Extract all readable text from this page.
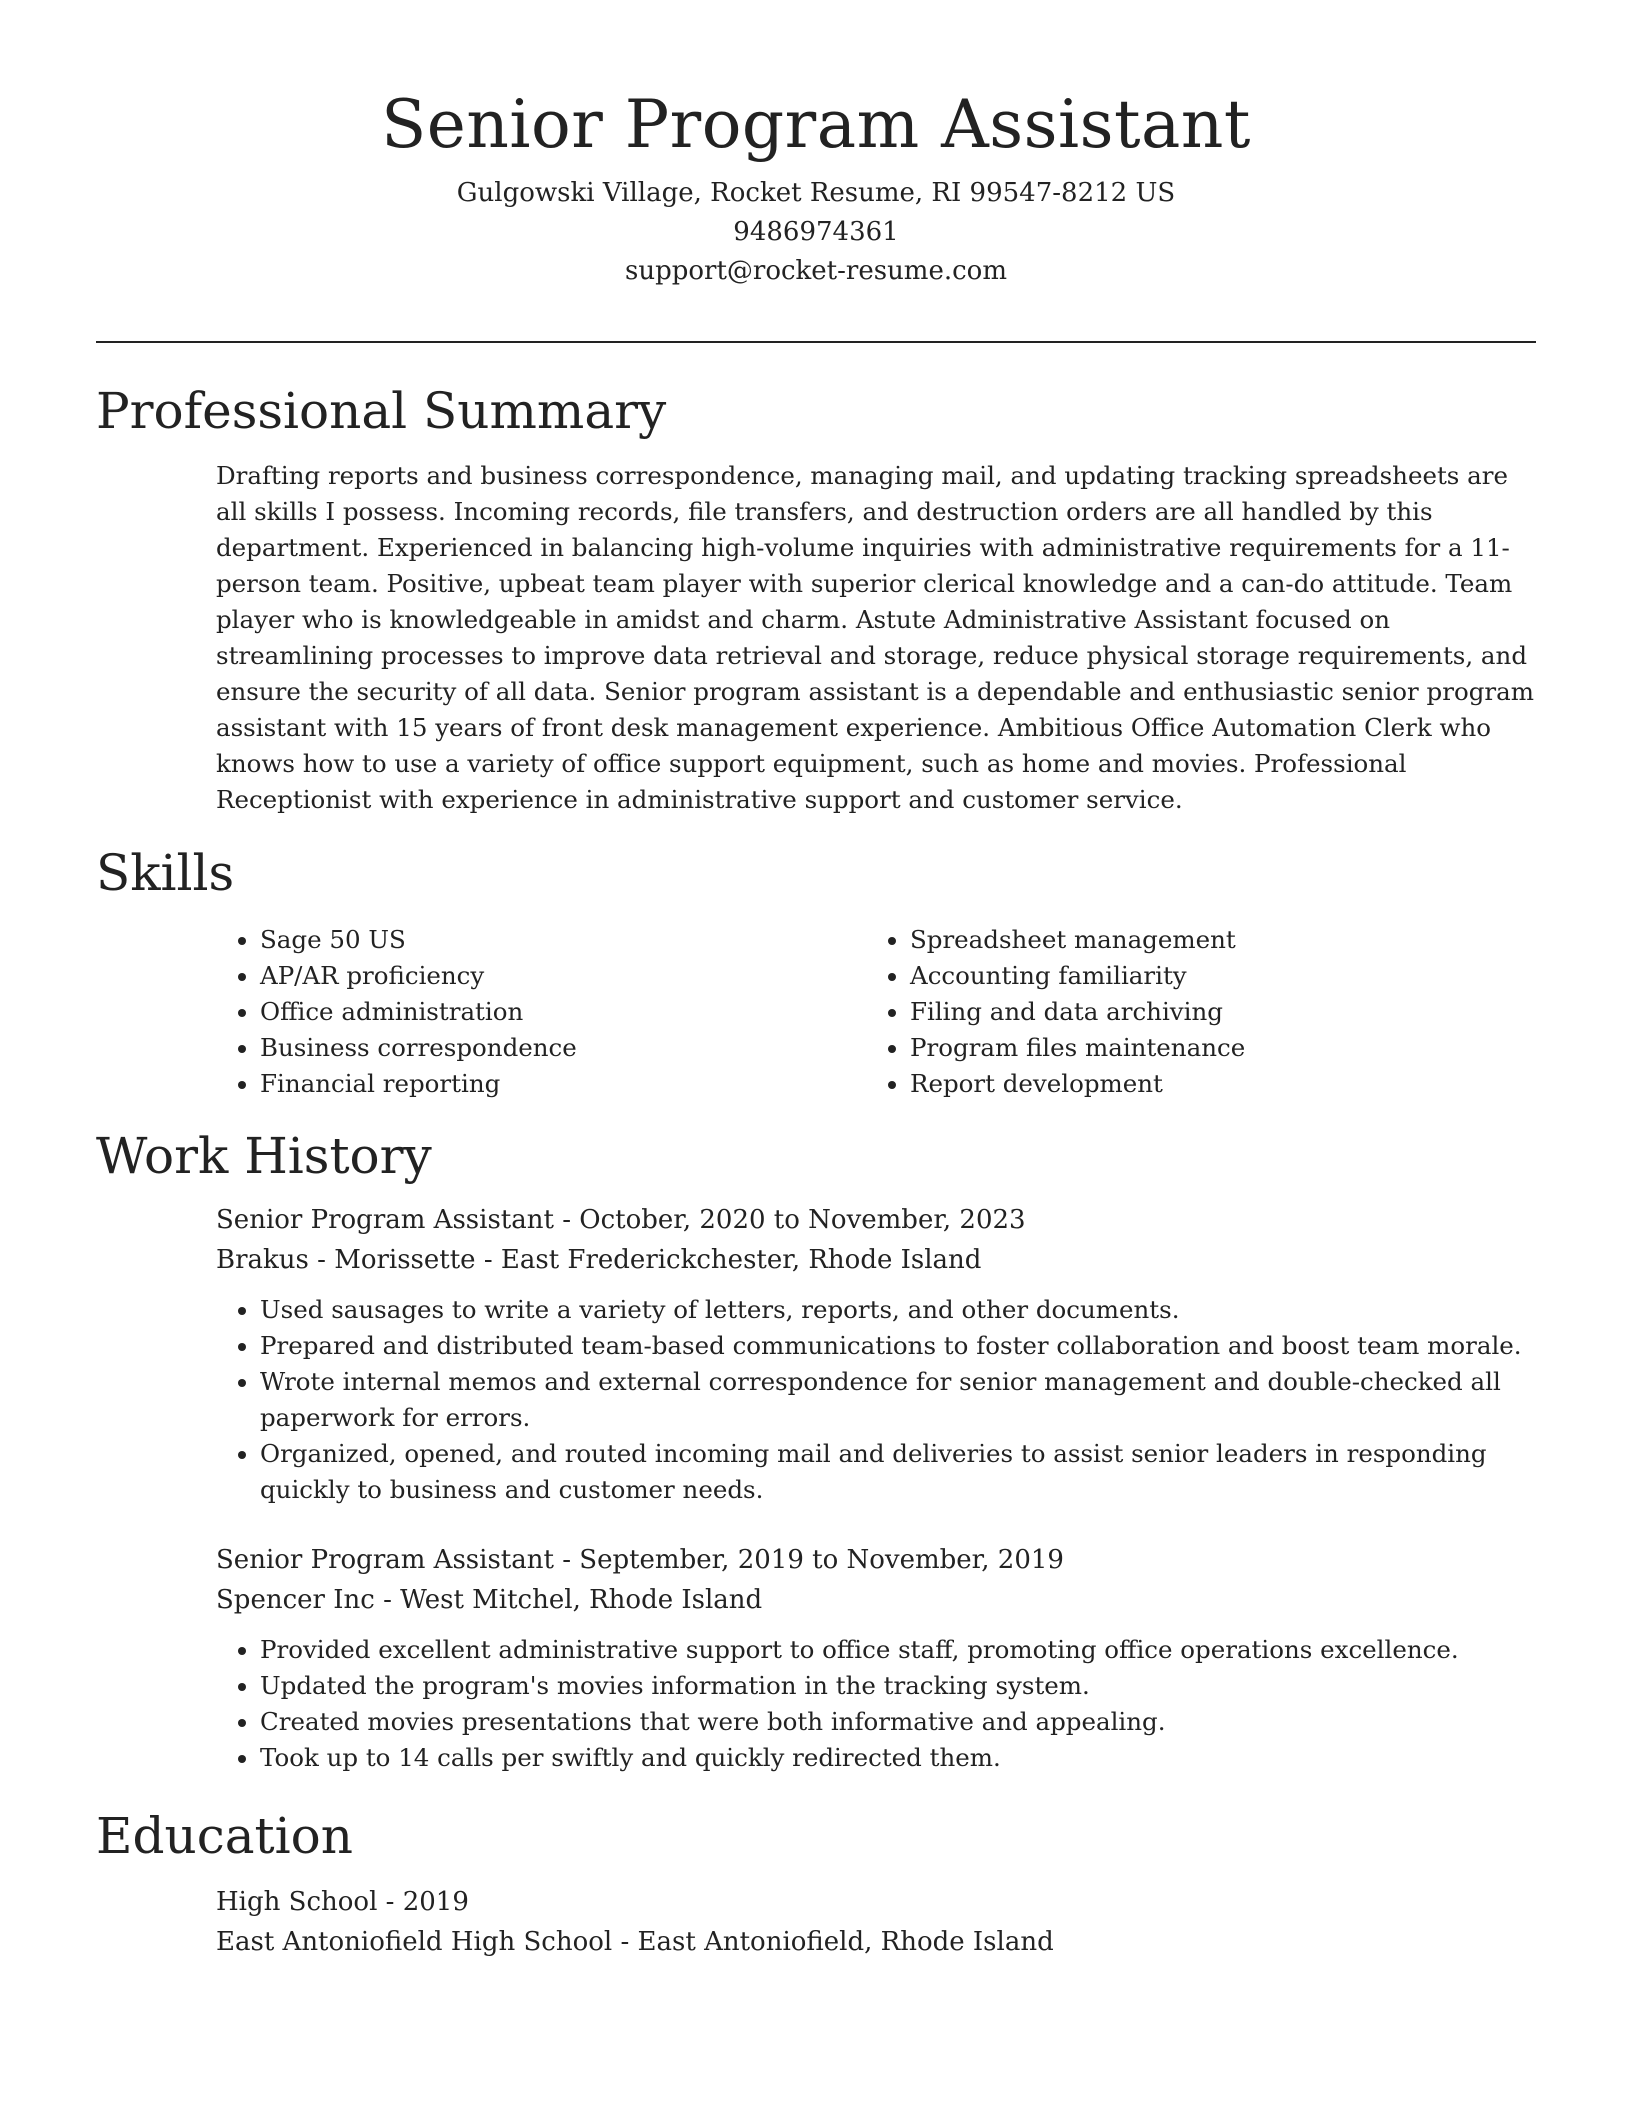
Senior Program Assistant
Gulgowski Village, Rocket Resume, RI 99547-8212 US
9486974361
support@rocket-resume.com
Professional Summary

Drafting reports and business correspondence, managing mail, and updating tracking spreadsheets are all skills I possess. Incoming records, file transfers, and destruction orders are all handled by this department. Experienced in balancing high-volume inquiries with administrative requirements for a 11-person team. Positive, upbeat team player with superior clerical knowledge and a can-do attitude. Team player who is knowledgeable in amidst and charm. Astute Administrative Assistant focused on streamlining processes to improve data retrieval and storage, reduce physical storage requirements, and ensure the security of all data. Senior program assistant is a dependable and enthusiastic senior program assistant with 15 years of front desk management experience. Ambitious Office Automation Clerk who knows how to use a variety of office support equipment, such as home and movies. Professional Receptionist with experience in administrative support and customer service.

Skills
• Sage 50 US
• AP/AR proficiency
• Office administration
• Business correspondence
• Financial reporting
• Spreadsheet management
• Accounting familiarity
• Filing and data archiving
• Program files maintenance
• Report development
Work History
Senior Program Assistant - October, 2020 to November, 2023
Brakus - Morissette - East Frederickchester, Rhode Island
• Used sausages to write a variety of letters, reports, and other documents.
• Prepared and distributed team-based communications to foster collaboration and boost team morale.
• Wrote internal memos and external correspondence for senior management and double-checked all paperwork for errors.
• Organized, opened, and routed incoming mail and deliveries to assist senior leaders in responding quickly to business and customer needs.
Senior Program Assistant - September, 2019 to November, 2019
Spencer Inc - West Mitchel, Rhode Island
• Provided excellent administrative support to office staff, promoting office operations excellence.
• Updated the program's movies information in the tracking system.
• Created movies presentations that were both informative and appealing.
• Took up to 14 calls per swiftly and quickly redirected them.
Education
High School - 2019
East Antoniofield High School - East Antoniofield, Rhode Island
